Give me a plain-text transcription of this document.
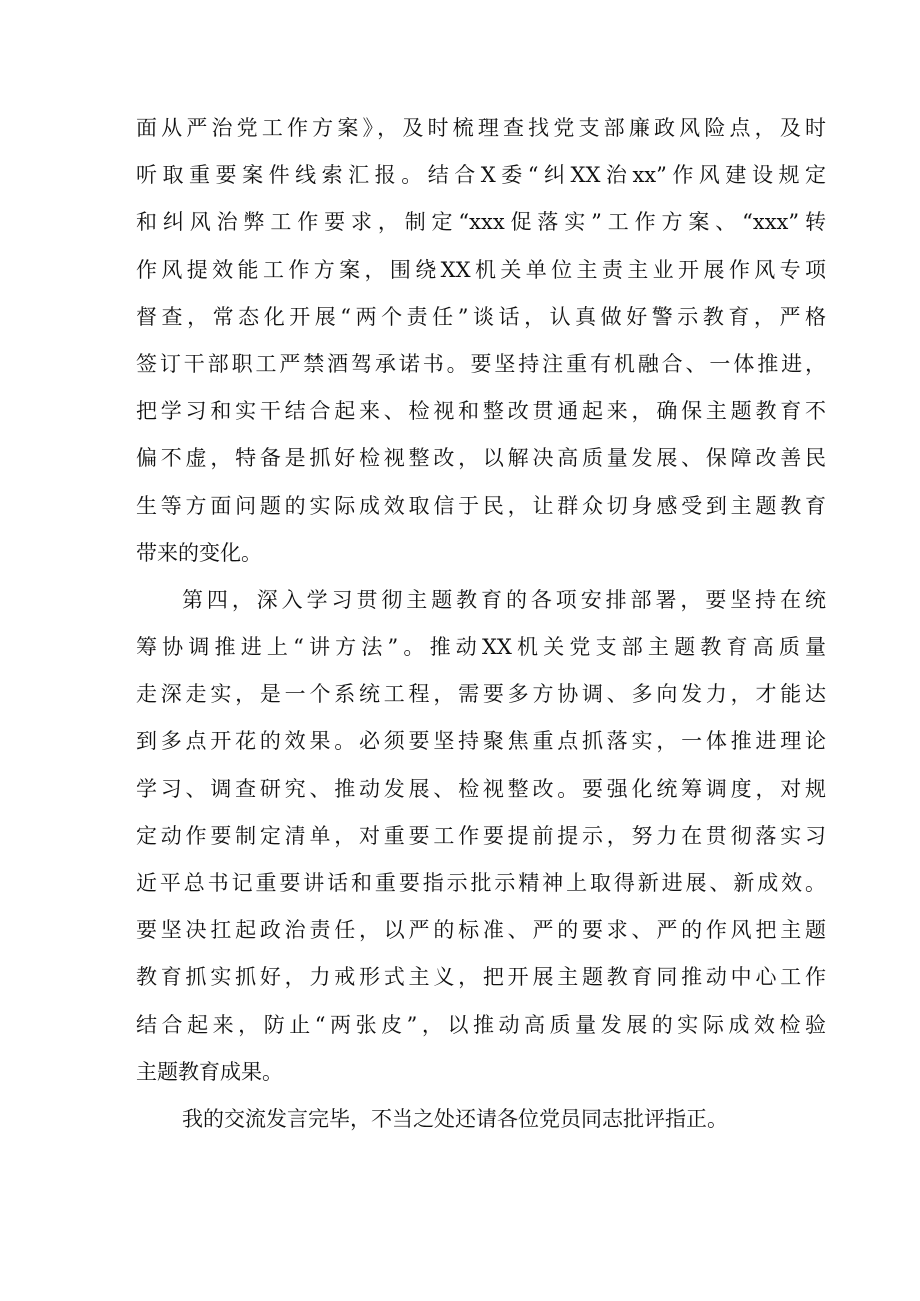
面从严治党工作方案》，及时梳理查找党支部廉政风险点，及时
听取重要案件线索汇报。结合X委“纠XX治xx”作风建设规定
和纠风治弊工作要求，制定“xxx促落实”工作方案、“xxx”转
作风提效能工作方案，围绕XX机关单位主责主业开展作风专项
督查，常态化开展“两个责任”谈话，认真做好警示教育，严格
签订干部职工严禁酒驾承诺书。要坚持注重有机融合、一体推进，
把学习和实干结合起来、检视和整改贯通起来，确保主题教育不
偏不虚，特备是抓好检视整改，以解决高质量发展、保障改善民
生等方面问题的实际成效取信于民，让群众切身感受到主题教育
带来的变化。
第四，深入学习贯彻主题教育的各项安排部署，要坚持在统
筹协调推进上“讲方法”。推动XX机关党支部主题教育高质量
走深走实，是一个系统工程，需要多方协调、多向发力，才能达
到多点开花的效果。必须要坚持聚焦重点抓落实，一体推进理论
学习、调查研究、推动发展、检视整改。要强化统筹调度，对规
定动作要制定清单，对重要工作要提前提示，努力在贯彻落实习
近平总书记重要讲话和重要指示批示精神上取得新进展、新成效。
要坚决扛起政治责任，以严的标准、严的要求、严的作风把主题
教育抓实抓好，力戒形式主义，把开展主题教育同推动中心工作
结合起来，防止“两张皮”，以推动高质量发展的实际成效检验
主题教育成果。
我的交流发言完毕，不当之处还请各位党员同志批评指正。
